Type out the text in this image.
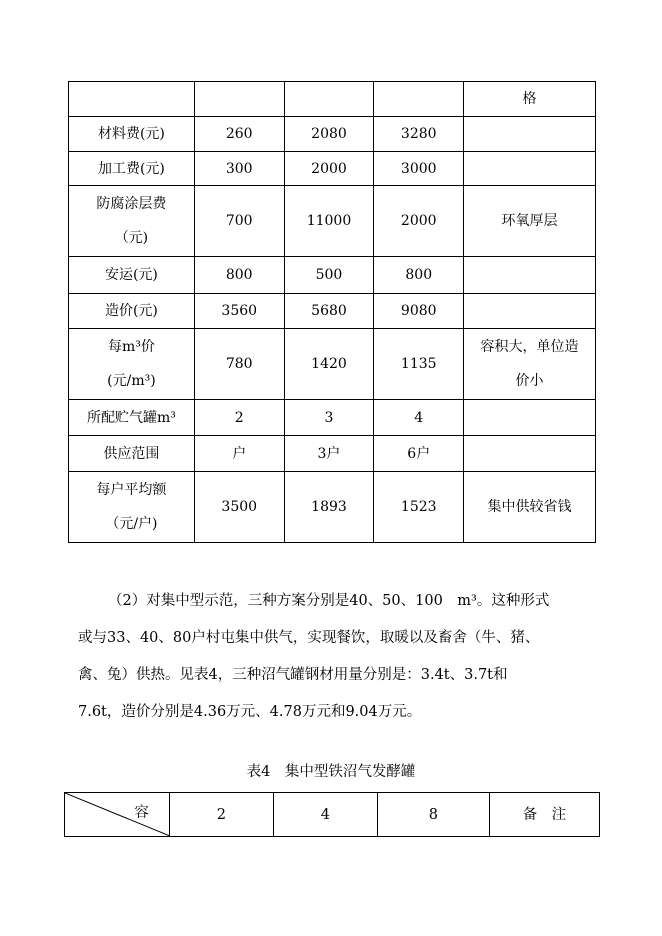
				格
材料费(元)	260	2080	3280	
加工费(元)	300	2000	3000	

防腐涂层费（元)	700	11000	2000	环氧厚层
安运(元)	800	500	800	
造价(元)	3560	5680	9080	

每m³价(元/m³)	780	1420	1135	容积大，单位造价小

所配贮气罐m³	2	3	4	
供应范围	户	3户	6户	

每户平均额（元/户)	3500	1893	1523	集中供较省钱
（2）对集中型示范，三种方案分别是40、50、100　m³。这种形式
或与33、40、80户村屯集中供气，实现餐饮，取暖以及畜舍（牛、猪、
禽、兔）供热。见表4，三种沼气罐钢材用量分别是：3.4t、3.7t和
7.6t，造价分别是4.36万元、4.78万元和9.04万元。
表4　集中型铁沼气发酵罐
容	2	4	8	备　注
